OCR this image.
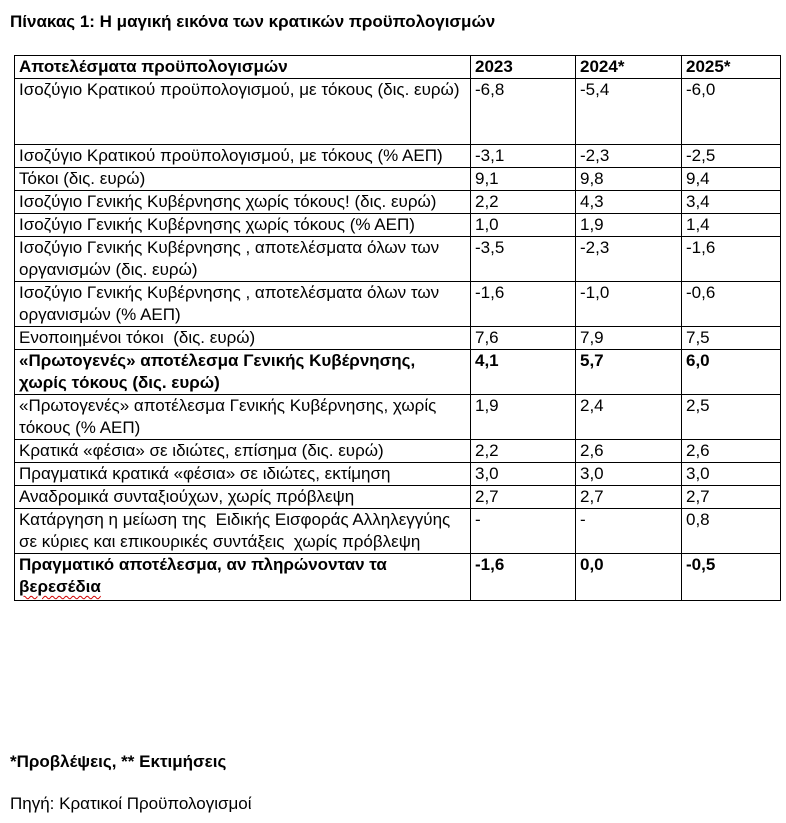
Πίνακας 1: Η μαγική εικόνα των κρατικών προϋπολογισμών
Αποτελέσματα προϋπολογισμών	2023	2024*	2025*
Ισοζύγιο Κρατικού προϋπολογισμού, με τόκους (δις. ευρώ)	-6,8	-5,4	-6,0
Ισοζύγιο Κρατικού προϋπολογισμού, με τόκους (% ΑΕΠ)	-3,1	-2,3	-2,5
Τόκοι (δις. ευρώ)	9,1	9,8	9,4
Ισοζύγιο Γενικής Κυβέρνησης χωρίς τόκους! (δις. ευρώ)	2,2	4,3	3,4
Ισοζύγιο Γενικής Κυβέρνησης χωρίς τόκους (% ΑΕΠ)	1,0	1,9	1,4
Ισοζύγιο Γενικής Κυβέρνησης , αποτελέσματα όλων των οργανισμών (δις. ευρώ)	-3,5	-2,3	-1,6
Ισοζύγιο Γενικής Κυβέρνησης , αποτελέσματα όλων των οργανισμών (% ΑΕΠ)	-1,6	-1,0	-0,6
Ενοποιημένοι τόκοι  (δις. ευρώ)	7,6	7,9	7,5
«Πρωτογενές» αποτέλεσμα Γενικής Κυβέρνησης, χωρίς τόκους (δις. ευρώ)	4,1	5,7	6,0
«Πρωτογενές» αποτέλεσμα Γενικής Κυβέρνησης, χωρίς τόκους (% ΑΕΠ)	1,9	2,4	2,5
Κρατικά «φέσια» σε ιδιώτες, επίσημα (δις. ευρώ)	2,2	2,6	2,6
Πραγματικά κρατικά «φέσια» σε ιδιώτες, εκτίμηση	3,0	3,0	3,0
Αναδρομικά συνταξιούχων, χωρίς πρόβλεψη	2,7	2,7	2,7
Κατάργηση η μείωση της  Ειδικής Εισφοράς Αλληλεγγύης σε κύριες και επικουρικές συντάξεις  χωρίς πρόβλεψη	-	-	0,8
Πραγματικό αποτέλεσμα, αν πληρώνονταν τα βερεσέδια	-1,6	0,0	-0,5
*Προβλέψεις, ** Εκτιμήσεις
Πηγή: Κρατικοί Προϋπολογισμοί
